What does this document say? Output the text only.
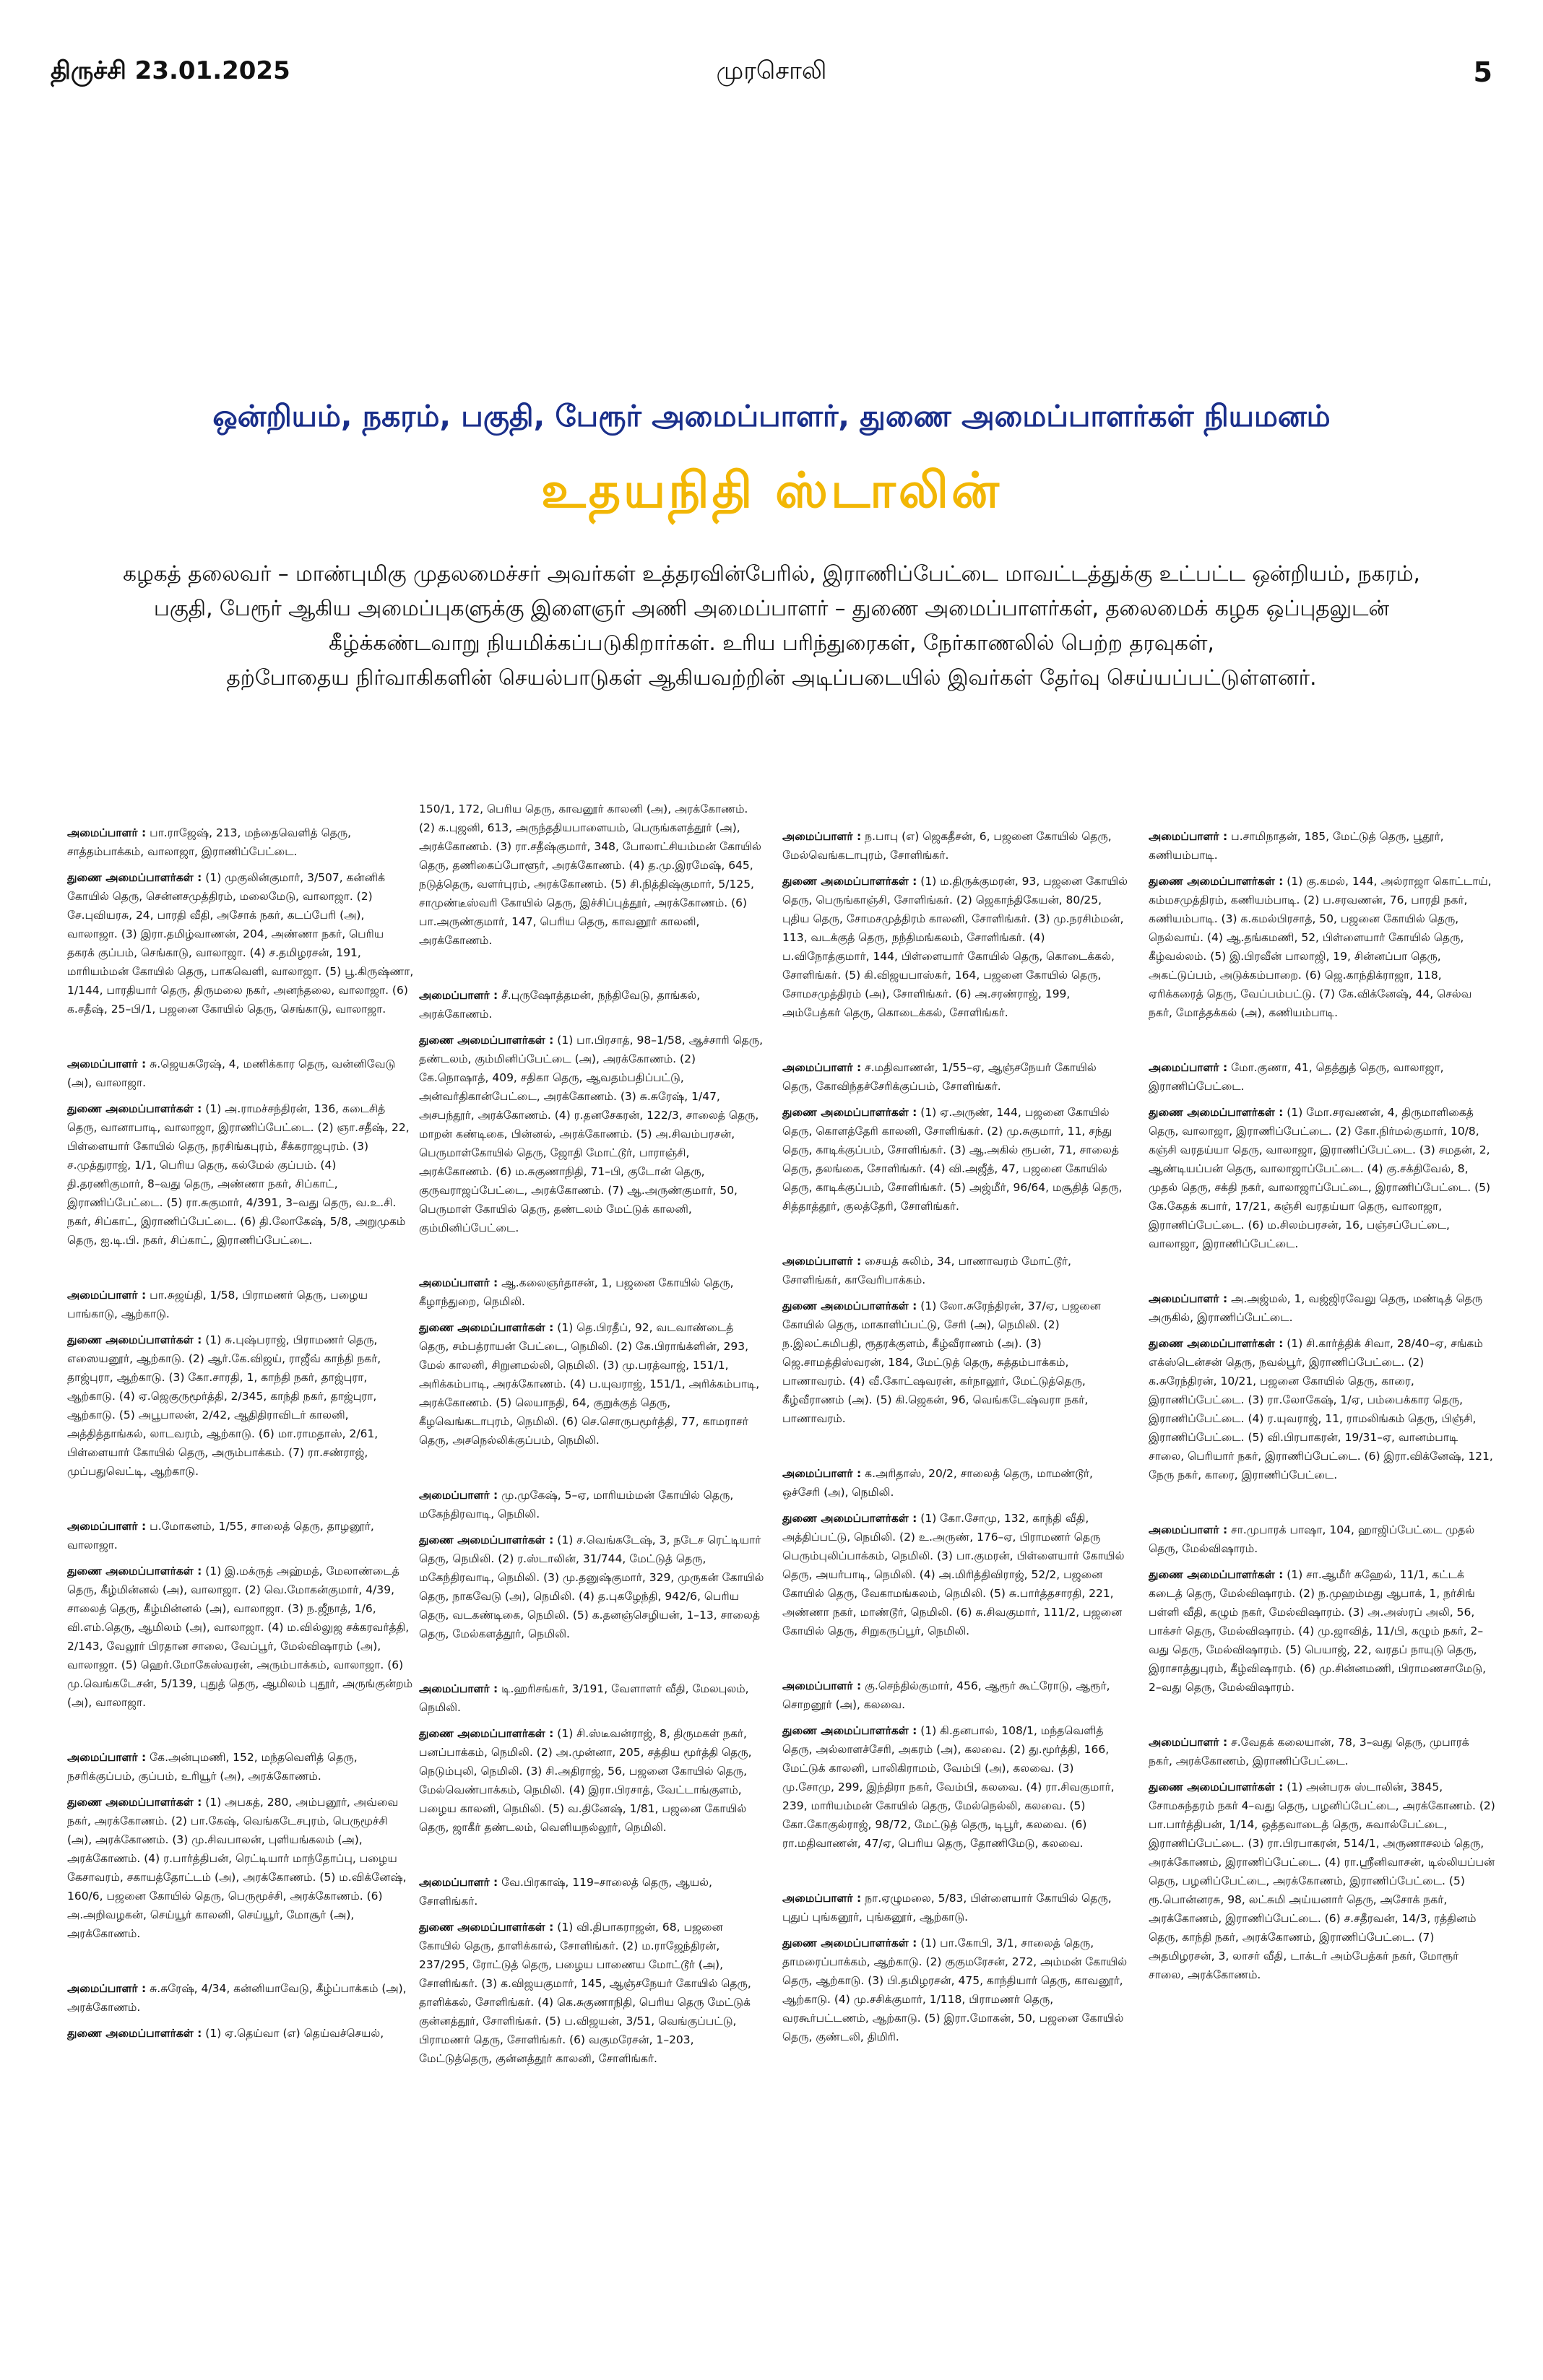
திருச்சி 23.01.2025	முரசொலி	5
ஒன்றியம், நகரம், பகுதி, பேரூர் அமைப்பாளர், துணை அமைப்பாளர்கள் நியமனம்
உதயநிதி ஸ்டாலின்

கழகத் தலைவர் – மாண்புமிகு முதலமைச்சர் அவர்கள் உத்தரவின்பேரில், இராணிப்பேட்டை மாவட்டத்துக்கு உட்பட்ட ஒன்றியம், நகரம்,

பகுதி, பேரூர் ஆகிய அமைப்புகளுக்கு இளைஞர் அணி அமைப்பாளர் – துணை அமைப்பாளர்கள், தலைமைக் கழக ஒப்புதலுடன்

கீழ்க்கண்டவாறு நியமிக்கப்படுகிறார்கள். உரிய பரிந்துரைகள், நேர்காணலில் பெற்ற தரவுகள்,

தற்போதைய நிர்வாகிகளின் செயல்பாடுகள் ஆகியவற்றின் அடிப்படையில் இவர்கள் தேர்வு செய்யப்பட்டுள்ளனர்.

அமைப்பாளர் : பா.ராஜேஷ், 213, மந்தைவெளித் தெரு, சாத்தம்பாக்கம், வாலாஜா, இராணிப்பேட்டை.
துணை அமைப்பாளர்கள் : (1) முகுலின்குமார், 3/507, கன்னிக் கோயில் தெரு, சென்னசமுத்திரம், மலைமேடு, வாலாஜா. (2) சே.புவியரசு, 24, பாரதி வீதி, அசோக் நகர், கடப்பேரி (அ), வாலாஜா. (3) இரா.தமிழ்வாணன், 204, அண்ணா நகர், பெரிய தகரக் குப்பம், செங்காடு, வாலாஜா. (4) ச.தமிழரசன், 191, மாரியம்மன் கோயில் தெரு, பாகவெளி, வாலாஜா. (5) பூ.கிருஷ்ணா, 1/144, பாரதியார் தெரு, திருமலை நகர், அனந்தலை, வாலாஜா. (6) க.சதீஷ், 25–பி/1, பஜனை கோயில் தெரு, செங்காடு, வாலாஜா.
அமைப்பாளர் : சு.ஜெயசுரேஷ், 4, மணிக்கார தெரு, வன்னிவேடு (அ), வாலாஜா.
துணை அமைப்பாளர்கள் : (1) அ.ராமச்சந்திரன், 136, கடைசித் தெரு, வானாபாடி, வாலாஜா, இராணிப்பேட்டை. (2) ஞா.சதீஷ், 22, பிள்ளையார் கோயில் தெரு, நரசிங்கபுரம், சீக்கராஜபுரம். (3) ச.முத்துராஜ், 1/1, பெரிய தெரு, கல்மேல் குப்பம். (4) தி.தரணிகுமார், 8–வது தெரு, அண்ணா நகர், சிப்காட், இராணிப்பேட்டை. (5) ரா.சுகுமார், 4/391, 3–வது தெரு, வ.உ.சி. நகர், சிப்காட், இராணிப்பேட்டை. (6) தி.லோகேஷ், 5/8, அறுமுகம் தெரு, ஐ.டி.பி. நகர், சிப்காட், இராணிப்பேட்டை.
அமைப்பாளர் : பா.சுஜய்தி, 1/58, பிராமணர் தெரு, பழைய பாங்காடு, ஆற்காடு.
துணை அமைப்பாளர்கள் : (1) சு.புஷ்பராஜ், பிராமணர் தெரு, எஸையனூர், ஆற்காடு. (2) ஆர்.கே.விஜய், ராஜீவ் காந்தி நகர், தாஜ்புரா, ஆற்காடு. (3) கோ.சாரதி, 1, காந்தி நகர், தாஜ்புரா, ஆற்காடு. (4) ஏ.ஜெகுருமூர்த்தி, 2/345, காந்தி நகர், தாஜ்புரா, ஆற்காடு. (5) அபூபாலன், 2/42, ஆதிதிராவிடர் காலனி, அத்தித்தாங்கல், லாடவரம், ஆற்காடு. (6) மா.ராமதாஸ், 2/61, பிள்ளையார் கோயில் தெரு, அரும்பாக்கம். (7) ரா.சண்ராஜ், முப்பதுவெட்டி, ஆற்காடு.
அமைப்பாளர் : ப.மோகனம், 1/55, சாலைத் தெரு, தாழனூர், வாலாஜா.
துணை அமைப்பாளர்கள் : (1) இ.மக்ருத் அஹ்மத், மேலாண்டைத் தெரு, கீழ்மின்னல் (அ), வாலாஜா. (2) வெ.மோகன்குமார், 4/39, சாலைத் தெரு, கீழ்மின்னல் (அ), வாலாஜா. (3) ந.ஜீநாத், 1/6, வி.எம்.தெரு, ஆமிலம் (அ), வாலாஜா. (4) ம.வில்லுஜ சக்கரவர்த்தி, 2/143, வேலூர் பிரதான சாலை, வேப்பூர், மேல்விஷாரம் (அ), வாலாஜா. (5) ஹெர்.மோகேஸ்வரன், அரும்பாக்கம், வாலாஜா. (6) மு.வெங்கடேசன், 5/139, புதுத் தெரு, ஆமிலம் புதூர், அருங்குன்றம் (அ), வாலாஜா.
அமைப்பாளர் : கே.அன்புமணி, 152, மந்தவெளித் தெரு, நசரிக்குப்பம், குப்பம், உரியூர் (அ), அரக்கோணம்.
துணை அமைப்பாளர்கள் : (1) அபகத், 280, அம்பனூர், அவ்வை நகர், அரக்கோணம். (2) பா.கேஷ், வெங்கடேசபுரம், பெருமூச்சி (அ), அரக்கோணம். (3) மு.சிவபாலன், புளியங்கலம் (அ), அரக்கோணம். (4) ர.பார்த்திபன், ரெட்டியார் மாந்தோப்பு, பழைய கேசாவரம், சகாயத்தோட்டம் (அ), அரக்கோணம். (5) ம.விக்னேஷ், 160/6, பஜனை கோயில் தெரு, பெருமூச்சி, அரக்கோணம். (6) அ.அறிவழகன், செய்யூர் காலனி, செய்யூர், மோசூர் (அ), அரக்கோணம்.
அமைப்பாளர் : சு.சுரேஷ், 4/34, கன்னியாவேடு, கீழ்ப்பாக்கம் (அ), அரக்கோணம்.
துணை அமைப்பாளர்கள் : (1) ஏ.தெய்வா (எ) தெய்வச்செயல்,
150/1, 172, பெரிய தெரு, காவனூர் காலனி (அ), அரக்கோணம். (2) க.புஜனி, 613, அருந்ததியபாளையம், பெருங்களத்தூர் (அ), அரக்கோணம். (3) ரா.சதீஷ்குமார், 348, போலாட்சியம்மன் கோயில் தெரு, தணிகைப்போளூர், அரக்கோணம். (4) த.மு.இரமேஷ், 645, நடுத்தெரு, வளர்புரம், அரக்கோணம். (5) சி.நித்திஷ்குமார், 5/125, சாமுண்டீஸ்வரி கோயில் தெரு, இச்சிப்புத்தூர், அரக்கோணம். (6) பா.அருண்குமார், 147, பெரிய தெரு, காவனூர் காலனி, அரக்கோணம்.
அமைப்பாளர் : சீ.புருஷோத்தமன், நந்திவேடு, தாங்கல், அரக்கோணம்.
துணை அமைப்பாளர்கள் : (1) பா.பிரசாத், 98–1/58, ஆச்சாரி தெரு, தண்டலம், கும்மினிப்பேட்டை (அ), அரக்கோணம். (2) கே.நொஷாத், 409, சதிகா தெரு, ஆவதம்பதிப்பட்டு, அன்வர்திகான்பேட்டை, அரக்கோணம். (3) சு.சுரேஷ், 1/47, அசபந்தூர், அரக்கோணம். (4) ர.தனசேகரன், 122/3, சாலைத் தெரு, மாறன் கண்டிகை, பின்னல், அரக்கோணம். (5) அ.சிவம்பரசன், பெருமாள்கோயில் தெரு, ஜோதி மோட்டூர், பாராஞ்சி, அரக்கோணம். (6) ம.சுகுணாநிதி, 71–பி, குடோன் தெரு, குருவராஜப்பேட்டை, அரக்கோணம். (7) ஆ.அருண்குமார், 50, பெருமாள் கோயில் தெரு, தண்டலம் மேட்டுக் காலனி, கும்மினிப்பேட்டை.
அமைப்பாளர் : ஆ.கலைஞர்தாசன், 1, பஜனை கோயில் தெரு, கீழாந்துறை, நெமிலி.
துணை அமைப்பாளர்கள் : (1) தெ.பிரதீப், 92, வடவாண்டைத் தெரு, சம்பத்ராயன் பேட்டை, நெமிலி. (2) கே.பிராங்க்ளின், 293, மேல் காலனி, சிறுனமல்லி, நெமிலி. (3) மு.பரத்வாஜ், 151/1, அரிக்கம்பாடி, அரக்கோணம். (4) ப.யுவராஜ், 151/1, அரிக்கம்பாடி, அரக்கோணம். (5) லெயாநதி, 64, குறுக்குத் தெரு, கீழவெங்கடாபுரம், நெமிலி. (6) செ.சொருபமூர்த்தி, 77, காமராசர் தெரு, அசநெல்லிக்குப்பம், நெமிலி.
அமைப்பாளர் : மு.முகேஷ், 5–ஏ, மாரியம்மன் கோயில் தெரு, மகேந்திரவாடி, நெமிலி.
துணை அமைப்பாளர்கள் : (1) ச.வெங்கடேஷ், 3, நடேச ரெட்டியார் தெரு, நெமிலி. (2) ர.ஸ்டாலின், 31/744, மேட்டுத் தெரு, மகேந்திரவாடி, நெமிலி. (3) மு.தனுஷ்குமார், 329, முருகன் கோயில் தெரு, நாகவேடு (அ), நெமிலி. (4) த.புகழேந்தி, 942/6, பெரிய தெரு, வடகண்டிகை, நெமிலி. (5) க.தனஞ்செழியன், 1–13, சாலைத் தெரு, மேல்களத்தூர், நெமிலி.
அமைப்பாளர் : டி.ஹரிசங்கர், 3/191, வேளாளர் வீதி, மேலபுலம், நெமிலி.
துணை அமைப்பாளர்கள் : (1) சி.ஸ்டீவன்ராஜ், 8, திருமகள் நகர், பனப்பாக்கம், நெமிலி. (2) அ.முன்னா, 205, சத்திய மூர்த்தி தெரு, நெடும்புலி, நெமிலி. (3) சி.அதிராஜ், 56, பஜனை கோயில் தெரு, மேல்வெண்பாக்கம், நெமிலி. (4) இரா.பிரசாத், வேட்டாங்குளம், பழைய காலனி, நெமிலி. (5) வ.தினேஷ், 1/81, பஜனை கோயில் தெரு, ஜாகீர் தண்டலம், வெளியநல்லூர், நெமிலி.
அமைப்பாளர் : வே.பிரகாஷ், 119–சாலைத் தெரு, ஆயல், சோளிங்கர்.
துணை அமைப்பாளர்கள் : (1) வி.திபாகராஜன், 68, பஜனை கோயில் தெரு, தாளிக்கால், சோளிங்கர். (2) ம.ராஜேந்திரன், 237/295, ரோட்டுத் தெரு, பழைய பாணைய மோட்டூர் (அ), சோளிங்கர். (3) க.விஜயகுமார், 145, ஆஞ்சநேயர் கோயில் தெரு, தாளிக்கல், சோளிங்கர். (4) கெ.சுகுணாநிதி, பெரிய தெரு மேட்டுக் குன்னத்தூர், சோளிங்கர். (5) ப.விஜயன், 3/51, வெங்குப்பட்டு, பிராமணர் தெரு, சோளிங்கர். (6) வகுமரேசன், 1–203, மேட்டுத்தெரு, குன்னத்தூர் காலனி, சோளிங்கர்.
அமைப்பாளர் : ந.பாபு (எ) ஜெகதீசன், 6, பஜனை கோயில் தெரு, மேல்வெங்கடாபுரம், சோளிங்கர்.
துணை அமைப்பாளர்கள் : (1) ம.திருக்குமரன், 93, பஜனை கோயில் தெரு, பெருங்காஞ்சி, சோளிங்கர். (2) ஜெகாந்திகேயன், 80/25, புதிய தெரு, சோமசமுத்திரம் காலனி, சோளிங்கர். (3) மு.நரசிம்மன், 113, வடக்குத் தெரு, நந்திமங்கலம், சோளிங்கர். (4) ப.விநோத்குமார், 144, பிள்ளையார் கோயில் தெரு, கொடைக்கல், சோளிங்கர். (5) கி.விஜயபாஸ்கர், 164, பஜனை கோயில் தெரு, சோமசமுத்திரம் (அ), சோளிங்கர். (6) அ.சரண்ராஜ், 199, அம்பேத்கர் தெரு, கொடைக்கல், சோளிங்கர்.
அமைப்பாளர் : ச.மதிவாணன், 1/55–ஏ, ஆஞ்சநேயர் கோயில் தெரு, கோவிந்தச்சேரிக்குப்பம், சோளிங்கர்.
துணை அமைப்பாளர்கள் : (1) ஏ.அருண், 144, பஜனை கோயில் தெரு, கொளத்தேரி காலனி, சோளிங்கர். (2) மு.சுகுமார், 11, சந்து தெரு, காடிக்குப்பம், சோளிங்கர். (3) ஆ.அகில் ரூபன், 71, சாலைத் தெரு, தலங்கை, சோளிங்கர். (4) வி.அஜீத், 47, பஜனை கோயில் தெரு, காடிக்குப்பம், சோளிங்கர். (5) அஜ்மீர், 96/64, மசூதித் தெரு, சித்தாத்தூர், குலத்தேரி, சோளிங்கர்.
அமைப்பாளர் : சையத் சுலிம், 34, பாணாவரம் மோட்டூர், சோளிங்கர், காவேரிபாக்கம்.
துணை அமைப்பாளர்கள் : (1) லோ.சுரேந்திரன், 37/ஏ, பஜனை கோயில் தெரு, மாகாளிப்பட்டு, சேரி (அ), நெமிலி. (2) ந.இலட்சுமிபதி, ரூதரக்குளம், கீழ்வீராணம் (அ). (3) ஜெ.சாமத்திஸ்வரன், 184, மேட்டுத் தெரு, சுத்தம்பாக்கம், பாணாவரம். (4) வீ.கோட்ஷவரன், கர்நாலூர், மேட்டுத்தெரு, கீழ்வீராணம் (அ). (5) கி.ஜெகன், 96, வெங்கடேஷ்வரா நகர், பாணாவரம்.
அமைப்பாளர் : க.அரிதாஸ், 20/2, சாலைத் தெரு, மாமண்டூர், ஒச்சேரி (அ), நெமிலி.
துணை அமைப்பாளர்கள் : (1) கோ.சோமு, 132, காந்தி வீதி, அத்திப்பட்டு, நெமிலி. (2) உ.அருண், 176–ஏ, பிராமணர் தெரு பெரும்புலிப்பாக்கம், நெமிலி. (3) பா.குமரன், பிள்ளையார் கோயில் தெரு, அயர்பாடி, நெமிலி. (4) அ.மிரித்திவிராஜ், 52/2, பஜனை கோயில் தெரு, வேகாமங்கலம், நெமிலி. (5) சு.பார்த்தசாரதி, 221, அண்ணா நகர், மாண்டூர், நெமிலி. (6) சு.சிவகுமார், 111/2, பஜனை கோயில் தெரு, சிறுகருப்பூர், நெமிலி.
அமைப்பாளர் : கு.செந்தில்குமார், 456, ஆரூர் கூட்ரோடு, ஆரூர், சொறனூர் (அ), கலவை.
துணை அமைப்பாளர்கள் : (1) கி.தனபால், 108/1, மந்தவெளித் தெரு, அல்லாளச்சேரி, அகரம் (அ), கலவை. (2) து.மூர்த்தி, 166, மேட்டுக் காலனி, பாலிகிராமம், வேம்பி (அ), கலவை. (3) மு.சோமு, 299, இந்திரா நகர், வேம்பி, கலவை. (4) ரா.சிவகுமார், 239, மாரியம்மன் கோயில் தெரு, மேல்நெல்லி, கலவை. (5) கோ.கோகுல்ராஜ், 98/72, மேட்டுத் தெரு, டிபூர், கலவை. (6) ரா.மதிவாணன், 47/ஏ, பெரிய தெரு, தோணிமேடு, கலவை.
அமைப்பாளர் : நா.ஏழுமலை, 5/83, பிள்ளையார் கோயில் தெரு, புதுப் புங்கனூர், புங்கனூர், ஆற்காடு.
துணை அமைப்பாளர்கள் : (1) பா.கோபி, 3/1, சாலைத் தெரு, தாமரைப்பாக்கம், ஆற்காடு. (2) குகுமரேசன், 272, அம்மன் கோயில் தெரு, ஆற்காடு. (3) பி.தமிழரசன், 475, காந்தியார் தெரு, காவனூர், ஆற்காடு. (4) மு.சசிக்குமார், 1/118, பிராமணர் தெரு, வரகூர்பட்டணம், ஆற்காடு. (5) இரா.மோகன், 50, பஜனை கோயில் தெரு, குண்டலி, திமிரி.
அமைப்பாளர் : ப.சாமிநாதன், 185, மேட்டுத் தெரு, பூதூர், கணியம்பாடி.
துணை அமைப்பாளர்கள் : (1) கு.கமல், 144, அல்ராஜா கொட்டாய், கம்மசமுத்திரம், கணியம்பாடி. (2) ப.சரவணன், 76, பாரதி நகர், கணியம்பாடி. (3) க.கமல்பிரசாத், 50, பஜனை கோயில் தெரு, நெல்வாய். (4) ஆ.தங்கமணி, 52, பிள்ளையார் கோயில் தெரு, கீழ்வல்லம். (5) இ.பிரவீன் பாலாஜி, 19, சின்னப்பா தெரு, அகட்டுப்பம், அடுக்கம்பாறை. (6) ஜெ.காந்திக்ராஜா, 118, ஏரிக்கரைத் தெரு, வேப்பம்பட்டு. (7) கே.விக்னேஷ், 44, செல்வ நகர், மோத்தக்கல் (அ), கணியம்பாடி.
அமைப்பாளர் : மோ.குணா, 41, தெத்துத் தெரு, வாலாஜா, இராணிப்பேட்டை.
துணை அமைப்பாளர்கள் : (1) மோ.சரவணன், 4, திருமாளிகைத் தெரு, வாலாஜா, இராணிப்பேட்டை. (2) கோ.நிர்மல்குமார், 10/8, கஞ்சி வரதய்யா தெரு, வாலாஜா, இராணிப்பேட்டை. (3) சமதன், 2, ஆண்டியப்பன் தெரு, வாலாஜாப்பேட்டை. (4) கு.சக்திவேல், 8, முதல் தெரு, சக்தி நகர், வாலாஜாப்பேட்டை, இராணிப்பேட்டை. (5) கே.கேதக் கபார், 17/21, கஞ்சி வரதய்யா தெரு, வாலாஜா, இராணிப்பேட்டை. (6) ம.சிலம்பரசன், 16, பஞ்சப்பேட்டை, வாலாஜா, இராணிப்பேட்டை.
அமைப்பாளர் : அ.அஜ்மல், 1, வஜ்ஜிரவேலு தெரு, மண்டித் தெரு அருகில், இராணிப்பேட்டை.
துணை அமைப்பாளர்கள் : (1) சி.கார்த்திக் சிவா, 28/40–ஏ, சங்கம் எக்ஸ்டென்சன் தெரு, நவல்பூர், இராணிப்பேட்டை. (2) க.சுரேந்திரன், 10/21, பஜனை கோயில் தெரு, காரை, இராணிப்பேட்டை. (3) ரா.லோகேஷ், 1/ஏ, பம்பைக்கார தெரு, இராணிப்பேட்டை. (4) ர.யுவராஜ், 11, ராமலிங்கம் தெரு, பிஞ்சி, இராணிப்பேட்டை. (5) வி.பிரபாகரன், 19/31–ஏ, வானம்பாடி சாலை, பெரியார் நகர், இராணிப்பேட்டை. (6) இரா.விக்னேஷ், 121, நேரு நகர், காரை, இராணிப்பேட்டை.
அமைப்பாளர் : சா.முபாரக் பாஷா, 104, ஹாஜிப்பேட்டை முதல் தெரு, மேல்விஷாரம்.
துணை அமைப்பாளர்கள் : (1) சா.ஆமீர் சுஹேல், 11/1, கட்டக் கடைத் தெரு, மேல்விஷாரம். (2) ந.முஹம்மது ஆபாக், 1, நர்சிங் பள்ளி வீதி, கழும் நகர், மேல்விஷாரம். (3) அ.அஸ்ரப் அலி, 56, பாக்சர் தெரு, மேல்விஷாரம். (4) மு.ஜாவித், 11/பி, கழும் நகர், 2–வது தெரு, மேல்விஷாரம். (5) பெயாஜ், 22, வரதப் நாயுடு தெரு, இராசாத்துபுரம், கீழ்விஷாரம். (6) மு.சின்னமணி, பிராமணசாமேடு, 2–வது தெரு, மேல்விஷாரம்.
அமைப்பாளர் : ச.வேதக் கலையான், 78, 3–வது தெரு, முபாரக் நகர், அரக்கோணம், இராணிப்பேட்டை.
துணை அமைப்பாளர்கள் : (1) அன்பரசு ஸ்டாலின், 3845, சோமசுந்தரம் நகர் 4–வது தெரு, பழனிப்பேட்டை, அரக்கோணம். (2) பா.பார்த்திபன், 1/14, ஒத்தவாடைத் தெரு, சுவால்பேட்டை, இராணிப்பேட்டை. (3) ரா.பிரபாகரன், 514/1, அருணாசலம் தெரு, அரக்கோணம், இராணிப்பேட்டை. (4) ரா.ஸ்ரீனிவாசன், டில்லியப்பன் தெரு, பழனிப்பேட்டை, அரக்கோணம், இராணிப்பேட்டை. (5) ரூ.பொன்னரசு, 98, லட்சுமி அய்யனார் தெரு, அசோக் நகர், அரக்கோணம், இராணிப்பேட்டை. (6) ச.சதீரவன், 14/3, ரத்தினம் தெரு, காந்தி நகர், அரக்கோணம், இராணிப்பேட்டை. (7) அதமிழரசன், 3, லாசர் வீதி, டாக்டர் அம்பேத்கர் நகர், மோரூர் சாலை, அரக்கோணம்.
